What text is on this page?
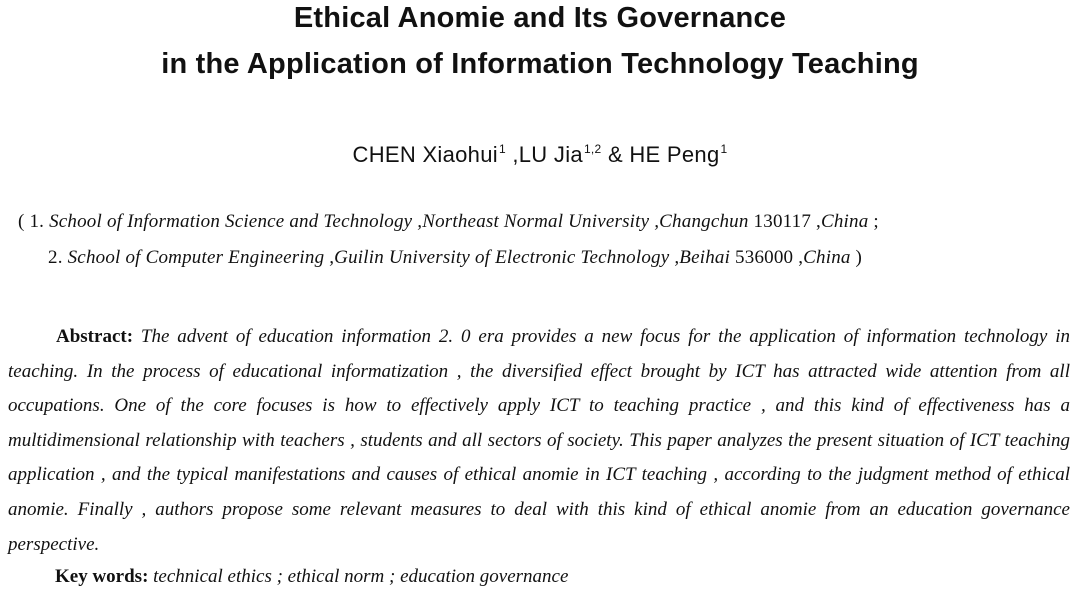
Ethical Anomie and Its Governance
in the Application of Information Technology Teaching
CHEN Xiaohui$^1$ ,LU Jia$^{1,2}$ & HE Peng$^1$
( 1. School of Information Science and Technology ,Northeast Normal University ,Changchun 130117 ,China ;
2. School of Computer Engineering ,Guilin University of Electronic Technology ,Beihai 536000 ,China )

Abstract: The advent of education information 2. 0 era provides a new focus for the application of information technology in teaching. In the process of educational informatization , the diversified effect brought by ICT has attracted wide attention from all occupations. One of the core focuses is how to effectively apply ICT to teaching practice , and this kind of effectiveness has a multidimensional relationship with teachers , students and all sectors of society. This paper analyzes the present situation of ICT teaching application , and the typical manifestations and causes of ethical anomie in ICT teaching , according to the judgment method of ethical anomie. Finally , authors propose some relevant measures to deal with this kind of ethical anomie from an education governance perspective.

Key words: technical ethics ; ethical norm ; education governance
